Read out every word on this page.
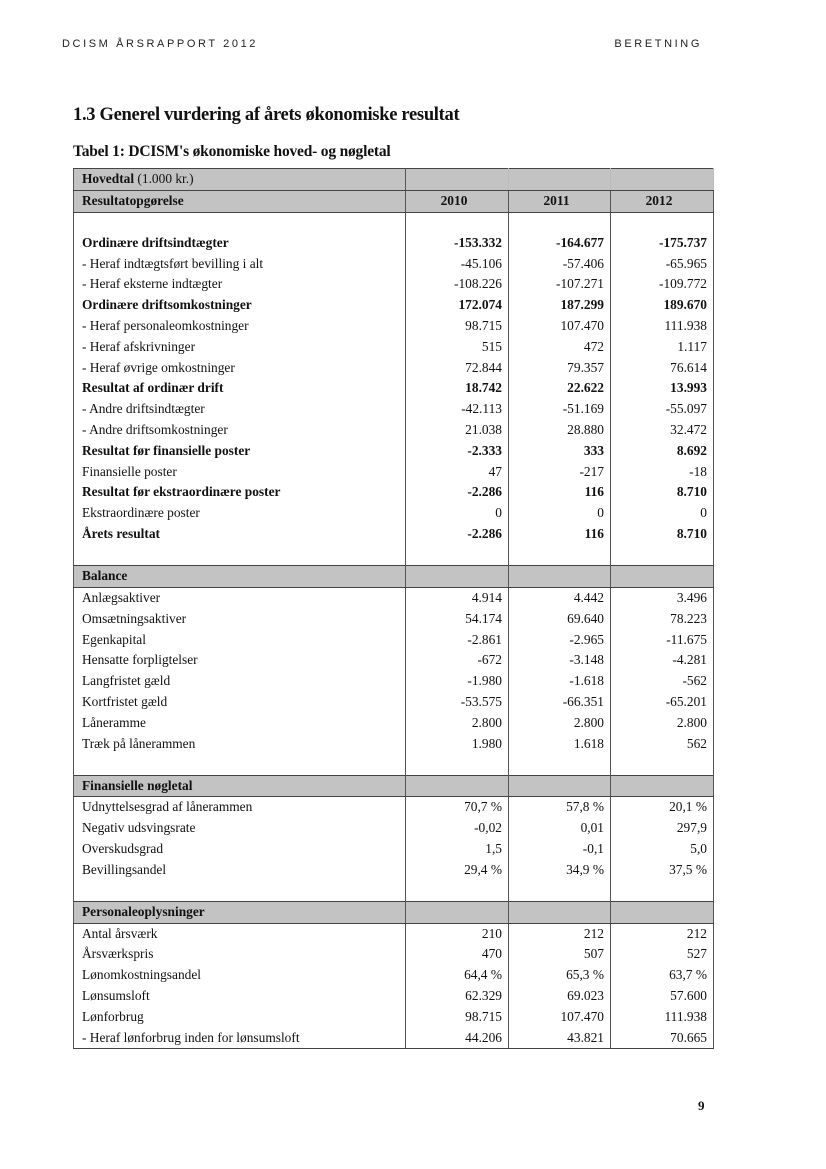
DCISM ÅRSRAPPORT 2012	BERETNING
1.3 Generel vurdering af årets økonomiske resultat
Tabel 1: DCISM's økonomiske hoved- og nøgletal
Hovedtal (1.000 kr.)			
Resultatopgørelse	2010	2011	2012

Ordinære driftsindtægter	-153.332	-164.677	-175.737
- Heraf indtægtsført bevilling i alt	-45.106	-57.406	-65.965
- Heraf eksterne indtægter	-108.226	-107.271	-109.772
Ordinære driftsomkostninger	172.074	187.299	189.670
- Heraf personaleomkostninger	98.715	107.470	111.938
- Heraf afskrivninger	515	472	1.117
- Heraf øvrige omkostninger	72.844	79.357	76.614
Resultat af ordinær drift	18.742	22.622	13.993
- Andre driftsindtægter	-42.113	-51.169	-55.097
- Andre driftsomkostninger	21.038	28.880	32.472
Resultat før finansielle poster	-2.333	333	8.692
Finansielle poster	47	-217	-18
Resultat før ekstraordinære poster	-2.286	116	8.710
Ekstraordinære poster	0	0	0
Årets resultat	-2.286	116	8.710

Balance			
Anlægsaktiver	4.914	4.442	3.496
Omsætningsaktiver	54.174	69.640	78.223
Egenkapital	-2.861	-2.965	-11.675
Hensatte forpligtelser	-672	-3.148	-4.281
Langfristet gæld	-1.980	-1.618	-562
Kortfristet gæld	-53.575	-66.351	-65.201
Låneramme	2.800	2.800	2.800
Træk på lånerammen	1.980	1.618	562

Finansielle nøgletal			
Udnyttelsesgrad af lånerammen	70,7 %	57,8 %	20,1 %
Negativ udsvingsrate	-0,02	0,01	297,9
Overskudsgrad	1,5	-0,1	5,0
Bevillingsandel	29,4 %	34,9 %	37,5 %

Personaleoplysninger			
Antal årsværk	210	212	212
Årsværkspris	470	507	527
Lønomkostningsandel	64,4 %	65,3 %	63,7 %
Lønsumsloft	62.329	69.023	57.600
Lønforbrug	98.715	107.470	111.938
- Heraf lønforbrug inden for lønsumsloft	44.206	43.821	70.665
9
